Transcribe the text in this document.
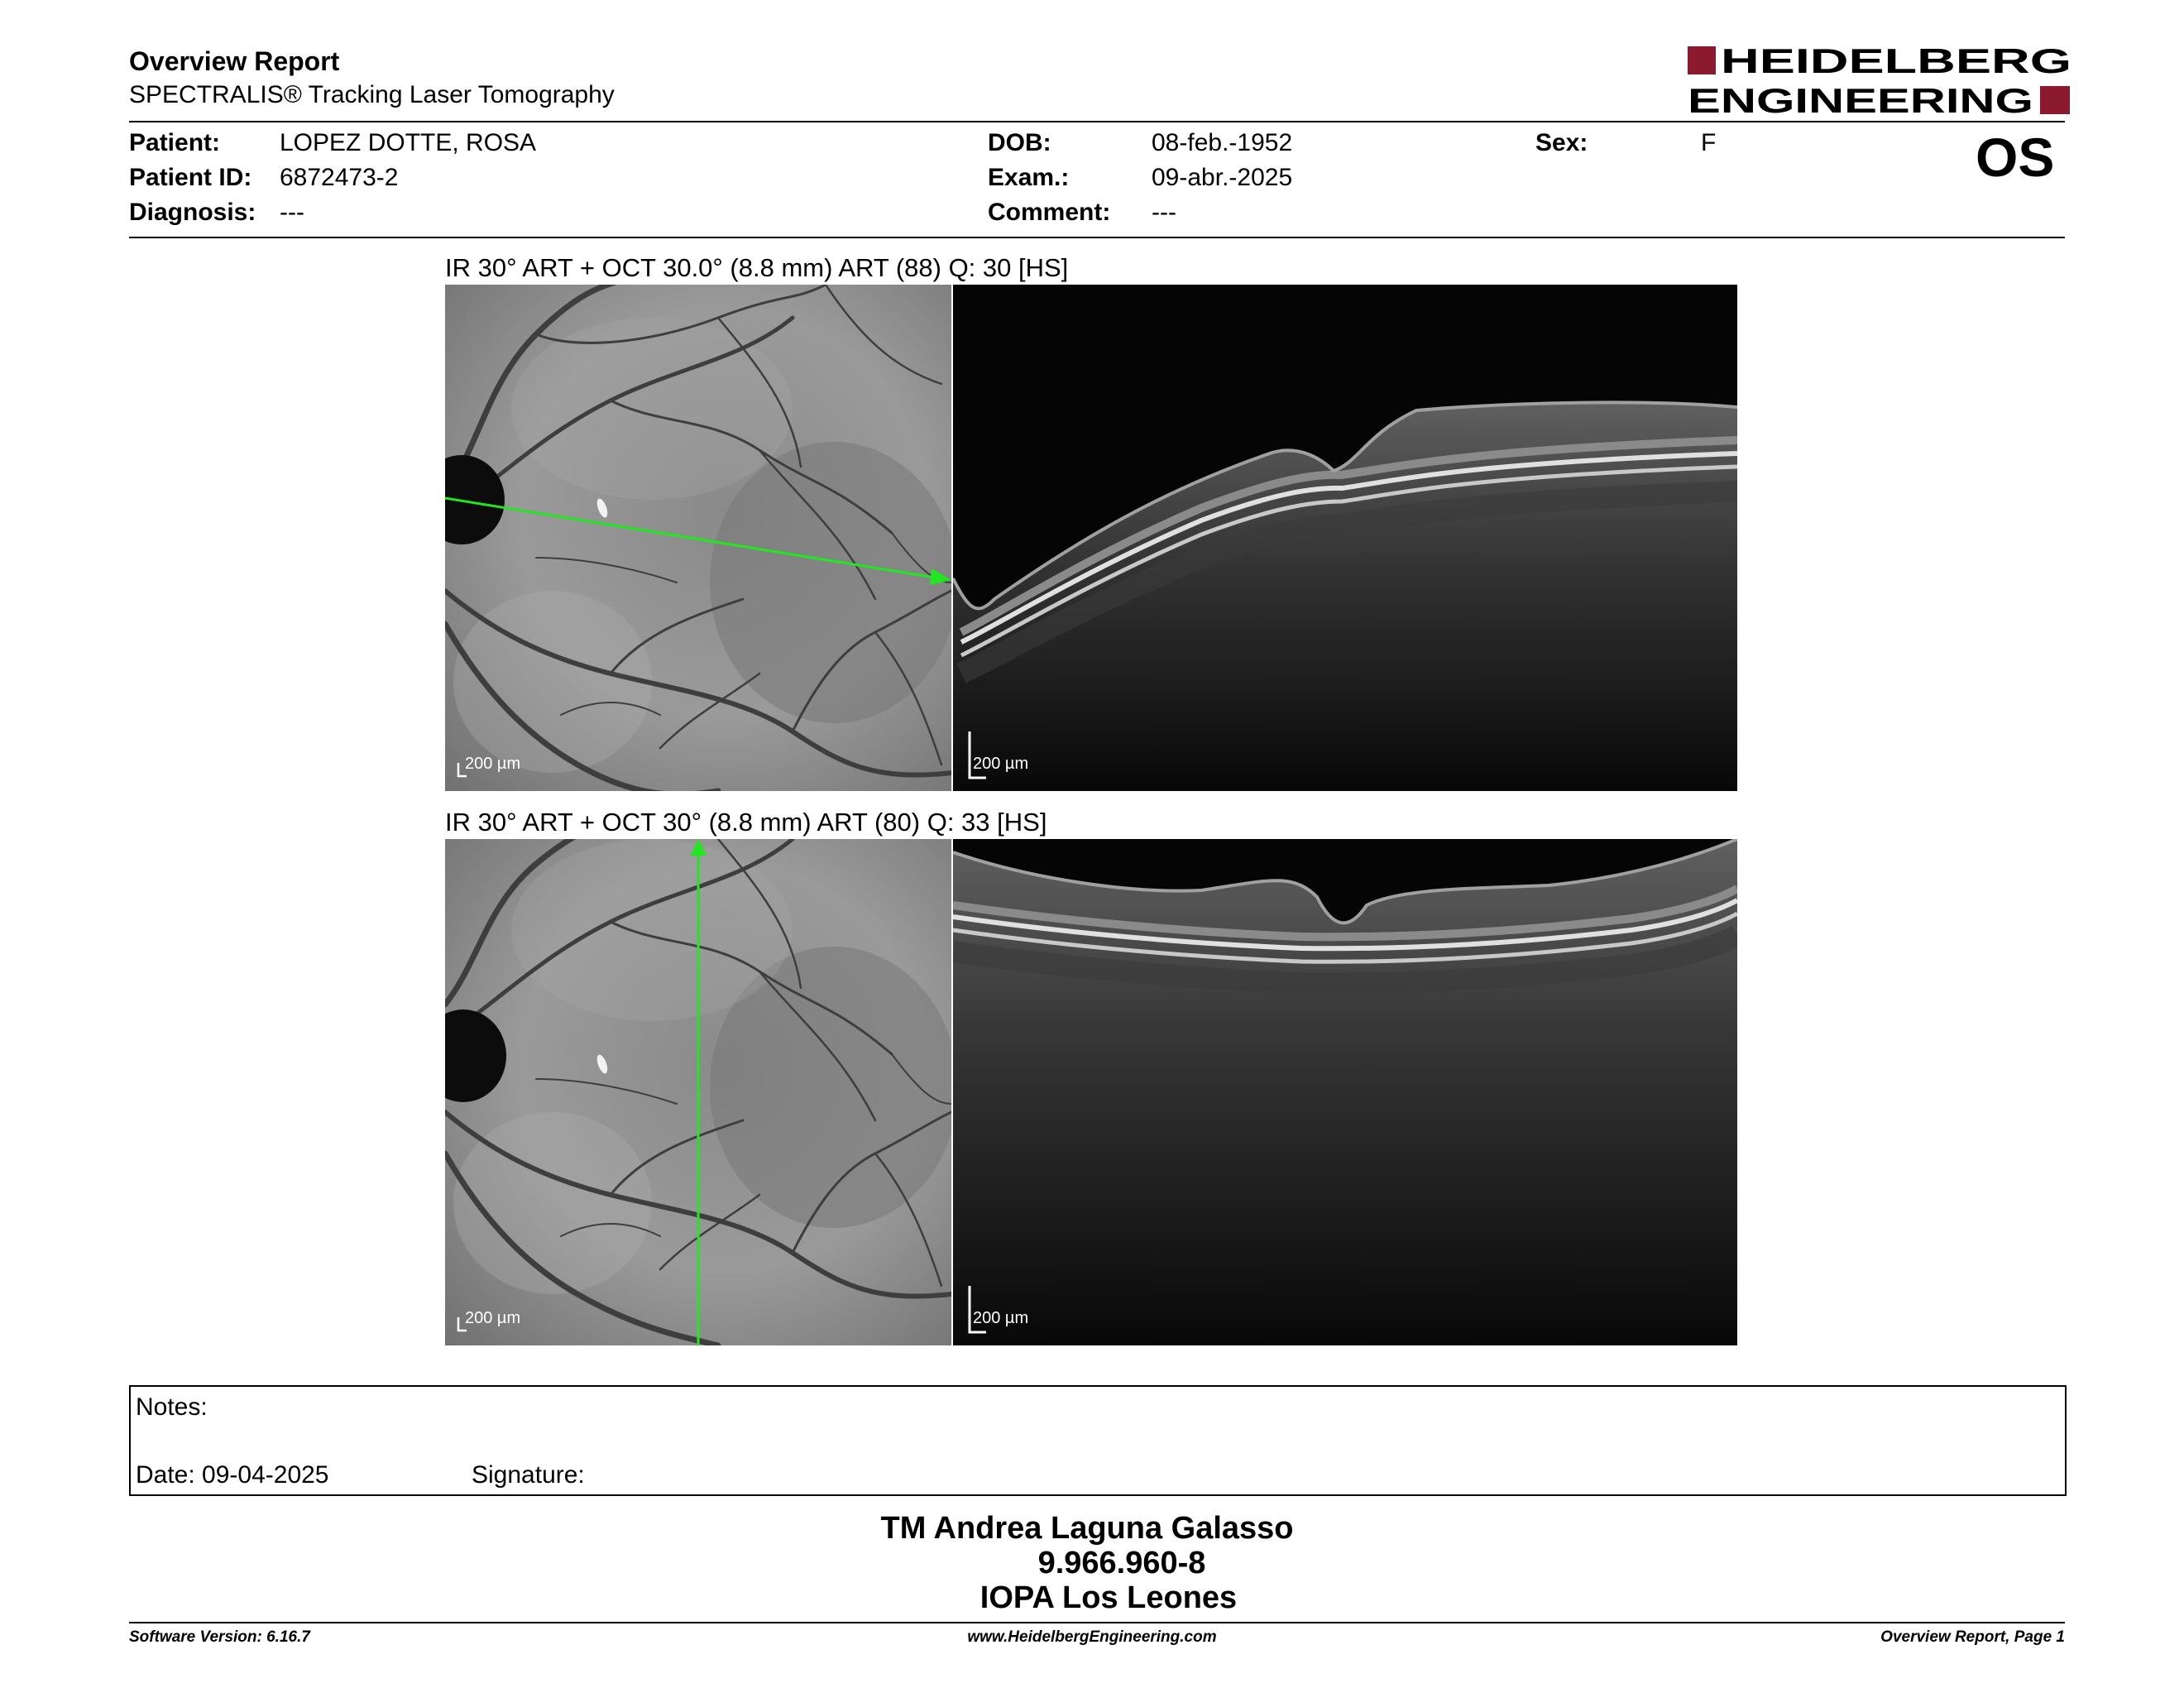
Overview Report
SPECTRALIS® Tracking Laser Tomography
HEIDELBERG
ENGINEERING
Patient: LOPEZ DOTTE, ROSA
Patient ID: 6872473-2
Diagnosis: ---
DOB:	08-feb.-1952
Exam.:	09-abr.-2025
Comment: ---
Sex:	F	OS
IR 30° ART + OCT 30.0° (8.8 mm) ART (88) Q: 30 [HS]
200 µm	200 µm
IR 30° ART + OCT 30° (8.8 mm) ART (80) Q: 33 [HS]
200 µm	200 µm
Notes:
Date: 09-04-2025	Signature:
TM Andrea Laguna Galasso
9.966.960-8
IOPA Los Leones
Software Version: 6.16.7	www.HeidelbergEngineering.com	Overview Report, Page 1
